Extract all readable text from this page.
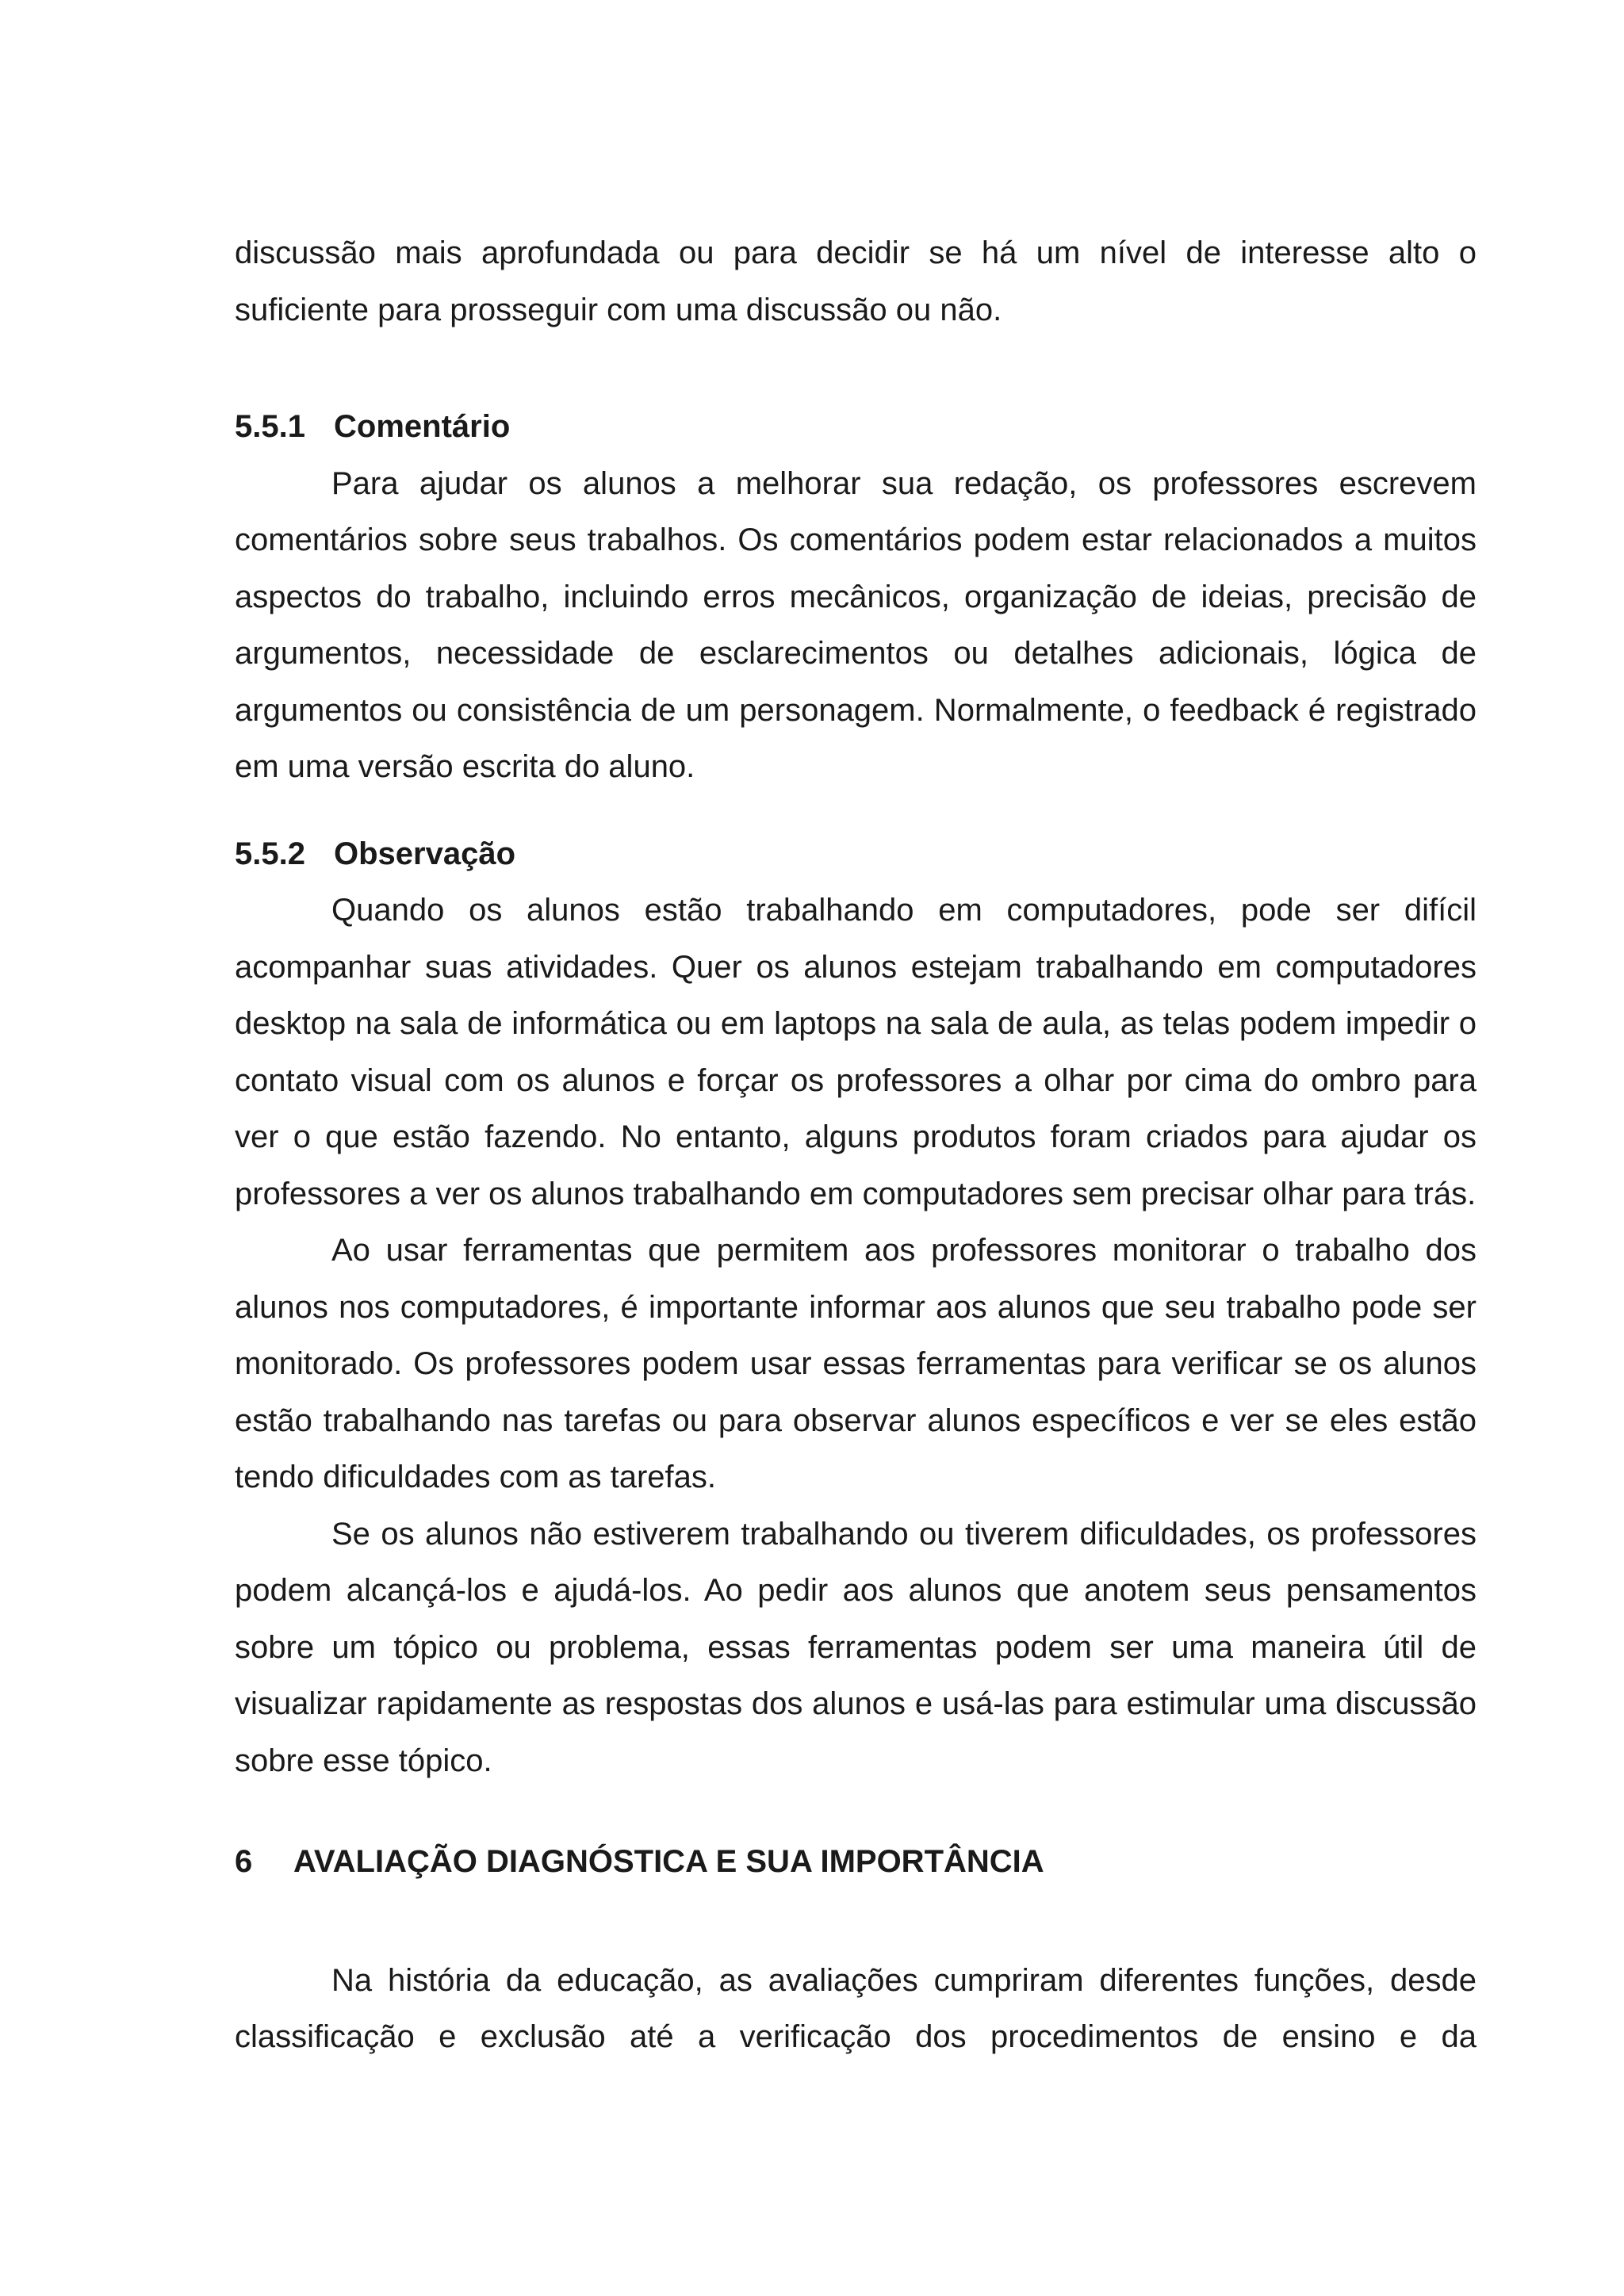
discussão mais aprofundada ou para decidir se há um nível de interesse alto o suficiente para prosseguir com uma discussão ou não.

5.5.1 Comentário

Para ajudar os alunos a melhorar sua redação, os professores escrevem comentários sobre seus trabalhos. Os comentários podem estar relacionados a muitos aspectos do trabalho, incluindo erros mecânicos, organização de ideias, precisão de argumentos, necessidade de esclarecimentos ou detalhes adicionais, lógica de argumentos ou consistência de um personagem. Normalmente, o feedback é registrado em uma versão escrita do aluno.

5.5.2 Observação

Quando os alunos estão trabalhando em computadores, pode ser difícil acompanhar suas atividades. Quer os alunos estejam trabalhando em computadores desktop na sala de informática ou em laptops na sala de aula, as telas podem impedir o contato visual com os alunos e forçar os professores a olhar por cima do ombro para ver o que estão fazendo. No entanto, alguns produtos foram criados para ajudar os professores a ver os alunos trabalhando em computadores sem precisar olhar para trás.

Ao usar ferramentas que permitem aos professores monitorar o trabalho dos alunos nos computadores, é importante informar aos alunos que seu trabalho pode ser monitorado. Os professores podem usar essas ferramentas para verificar se os alunos estão trabalhando nas tarefas ou para observar alunos específicos e ver se eles estão tendo dificuldades com as tarefas.

Se os alunos não estiverem trabalhando ou tiverem dificuldades, os professores podem alcançá-los e ajudá-los. Ao pedir aos alunos que anotem seus pensamentos sobre um tópico ou problema, essas ferramentas podem ser uma maneira útil de visualizar rapidamente as respostas dos alunos e usá-las para estimular uma discussão sobre esse tópico.

6 AVALIAÇÃO DIAGNÓSTICA E SUA IMPORTÂNCIA

Na história da educação, as avaliações cumpriram diferentes funções, desde classificação e exclusão até a verificação dos procedimentos de ensino e da
